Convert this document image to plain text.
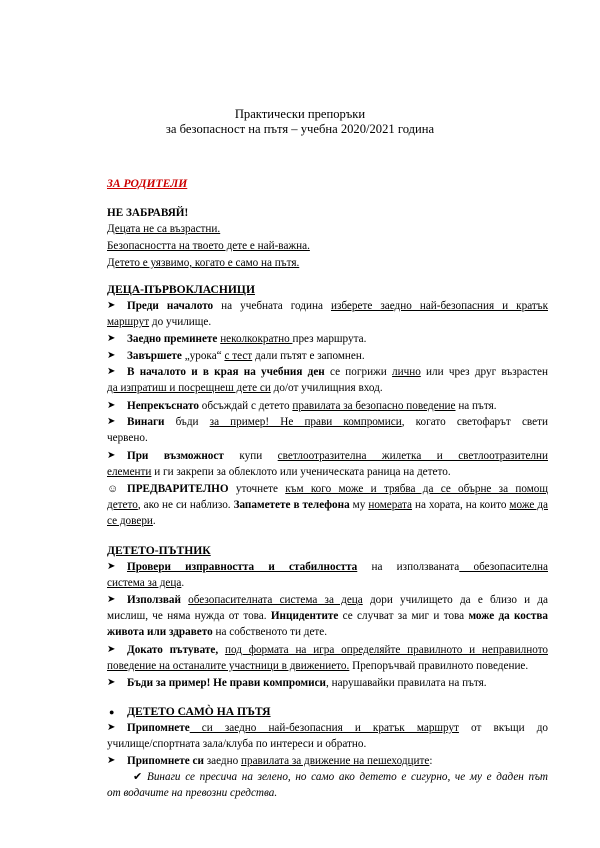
Практически препоръки
за безопасност на пътя – учебна 2020/2021 година
ЗА РОДИТЕЛИ
НЕ ЗАБРАВЯЙ!
Децата не са възрастни.
Безопасността на твоето дете е най-важна.
Детето е уязвимо, когато е само на пътя.
ДЕЦА-ПЪРВОКЛАСНИЦИ
➤	Преди началото на учебната година изберете заедно най-безопасния и кратък
маршрут до училище.
➤ Заедно преминете неколкократно през маршрута.
➤ Завършете „урока“ с тест дали пътят е запомнен.
➤	В началото и в края на учебния ден се погрижи лично или чрез друг възрастен
да изпратиш и посрещнеш дете си до/от училищния вход.
➤ Непрекъснато обсъждай с детето правилата за безопасно поведение на пътя.
➤	Винаги бъди за пример! Не прави компромиси, когато светофарът свети
червено.
➤	При възможност купи светлоотразителна жилетка и светлоотразителни
елементи и ги закрепи за облеклото или ученическата раница на детето.
☺ ПРЕДВАРИТЕЛНО уточнете към кого може и трябва да се обърне за помощ
детето, ако не си наблизо. Запаметете в телефона му номерата на хората, на които може да
се довери.
ДЕТЕТО-ПЪТНИК
➤	Провери изправността и стабилността на използваната обезопасителна
система за деца.
➤	Използвай обезопасителната система за деца дори училището да е близо и да
мислиш, че няма нужда от това. Инцидентите се случват за миг и това може да коства
живота или здравето на собственото ти дете.
➤	Докато пътувате, под формата на игра определяйте правилното и неправилното
поведение на останалите участници в движението. Препоръчвай правилното поведение.
➤ Бъди за пример! Не прави компромиси, нарушавайки правилата на пътя.
● ДЕТЕТО САМÒ НА ПЪТЯ
➤	Припомнете си заедно най-безопасния и кратък маршрут от вкъщи до
училище/спортната зала/клуба по интереси и обратно.
➤ Припомнете си заедно правилата за движение на пешеходците:
✔ Винаги се пресича на зелено, но само ако детето е сигурно, че му е даден път
от водачите на превозни средства.
